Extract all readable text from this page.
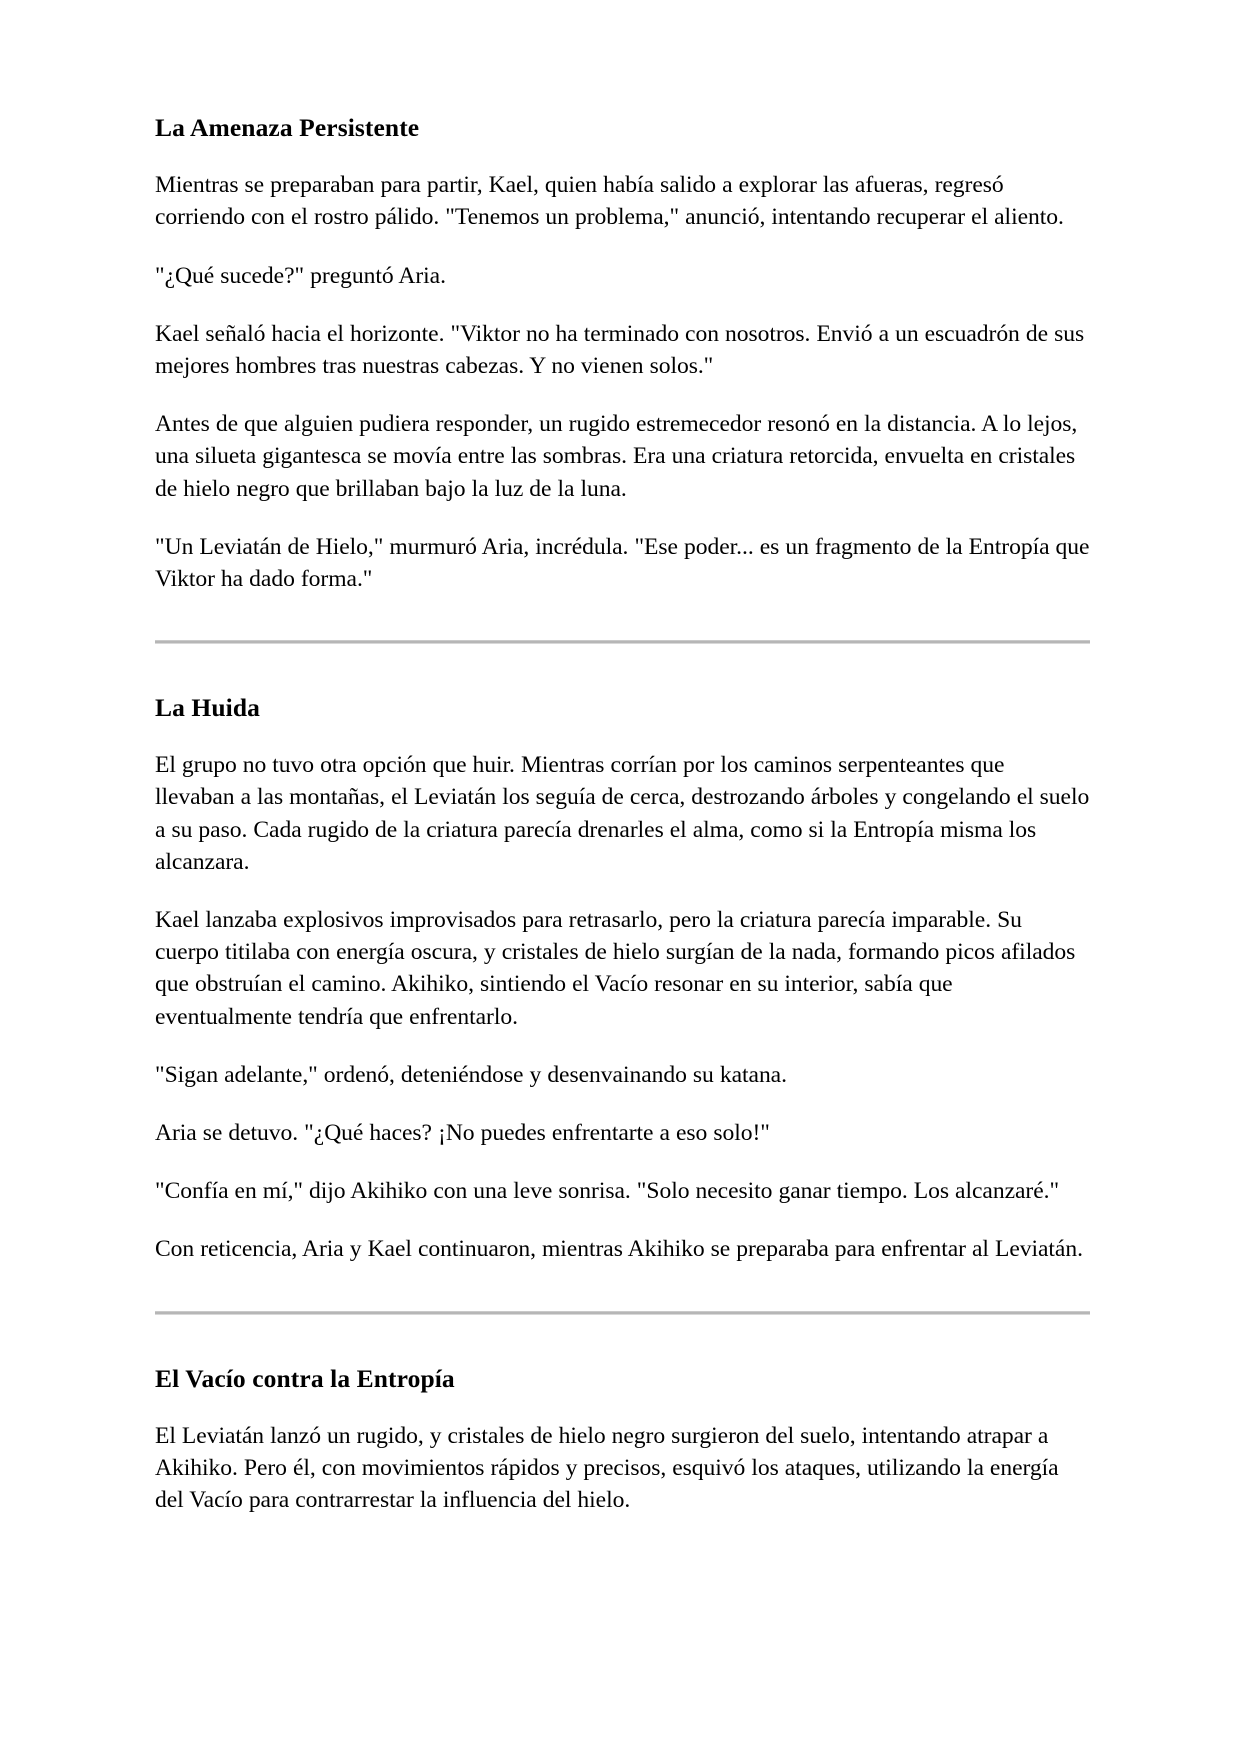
La Amenaza Persistente

Mientras se preparaban para partir, Kael, quien había salido a explorar las afueras, regresó corriendo con el rostro pálido. "Tenemos un problema," anunció, intentando recuperar el aliento.

"¿Qué sucede?" preguntó Aria.

Kael señaló hacia el horizonte. "Viktor no ha terminado con nosotros. Envió a un escuadrón de sus mejores hombres tras nuestras cabezas. Y no vienen solos."

Antes de que alguien pudiera responder, un rugido estremecedor resonó en la distancia. A lo lejos, una silueta gigantesca se movía entre las sombras. Era una criatura retorcida, envuelta en cristales de hielo negro que brillaban bajo la luz de la luna.

"Un Leviatán de Hielo," murmuró Aria, incrédula. "Ese poder... es un fragmento de la Entropía que Viktor ha dado forma."

La Huida

El grupo no tuvo otra opción que huir. Mientras corrían por los caminos serpenteantes que llevaban a las montañas, el Leviatán los seguía de cerca, destrozando árboles y congelando el suelo a su paso. Cada rugido de la criatura parecía drenarles el alma, como si la Entropía misma los alcanzara.

Kael lanzaba explosivos improvisados para retrasarlo, pero la criatura parecía imparable. Su cuerpo titilaba con energía oscura, y cristales de hielo surgían de la nada, formando picos afilados que obstruían el camino. Akihiko, sintiendo el Vacío resonar en su interior, sabía que eventualmente tendría que enfrentarlo.

"Sigan adelante," ordenó, deteniéndose y desenvainando su katana.

Aria se detuvo. "¿Qué haces? ¡No puedes enfrentarte a eso solo!"

"Confía en mí," dijo Akihiko con una leve sonrisa. "Solo necesito ganar tiempo. Los alcanzaré."

Con reticencia, Aria y Kael continuaron, mientras Akihiko se preparaba para enfrentar al Leviatán.

El Vacío contra la Entropía

El Leviatán lanzó un rugido, y cristales de hielo negro surgieron del suelo, intentando atrapar a Akihiko. Pero él, con movimientos rápidos y precisos, esquivó los ataques, utilizando la energía del Vacío para contrarrestar la influencia del hielo.
